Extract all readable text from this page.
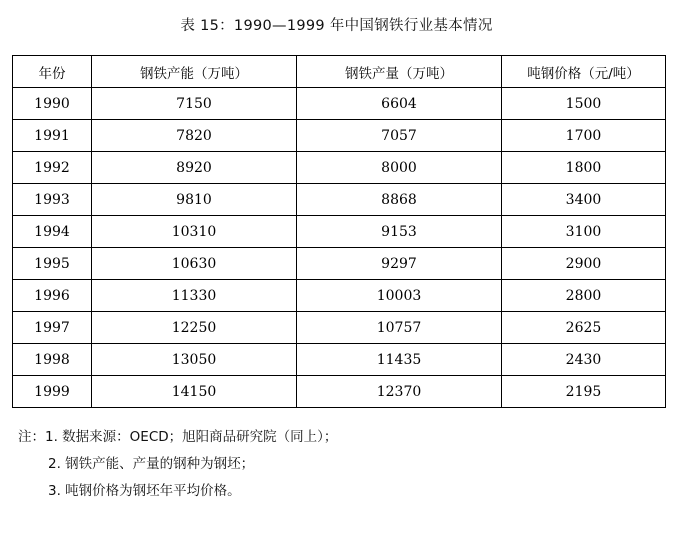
表 15：1990—1999 年中国钢铁行业基本情况
年份	钢铁产能（万吨）	钢铁产量（万吨）	吨钢价格（元/吨）
1990	7150	6604	1500
1991	7820	7057	1700
1992	8920	8000	1800
1993	9810	8868	3400
1994	10310	9153	3100
1995	10630	9297	2900
1996	11330	10003	2800
1997	12250	10757	2625
1998	13050	11435	2430
1999	14150	12370	2195
注：1. 数据来源：OECD；旭阳商品研究院（同上）；
2. 钢铁产能、产量的钢种为钢坯；
3. 吨钢价格为钢坯年平均价格。
